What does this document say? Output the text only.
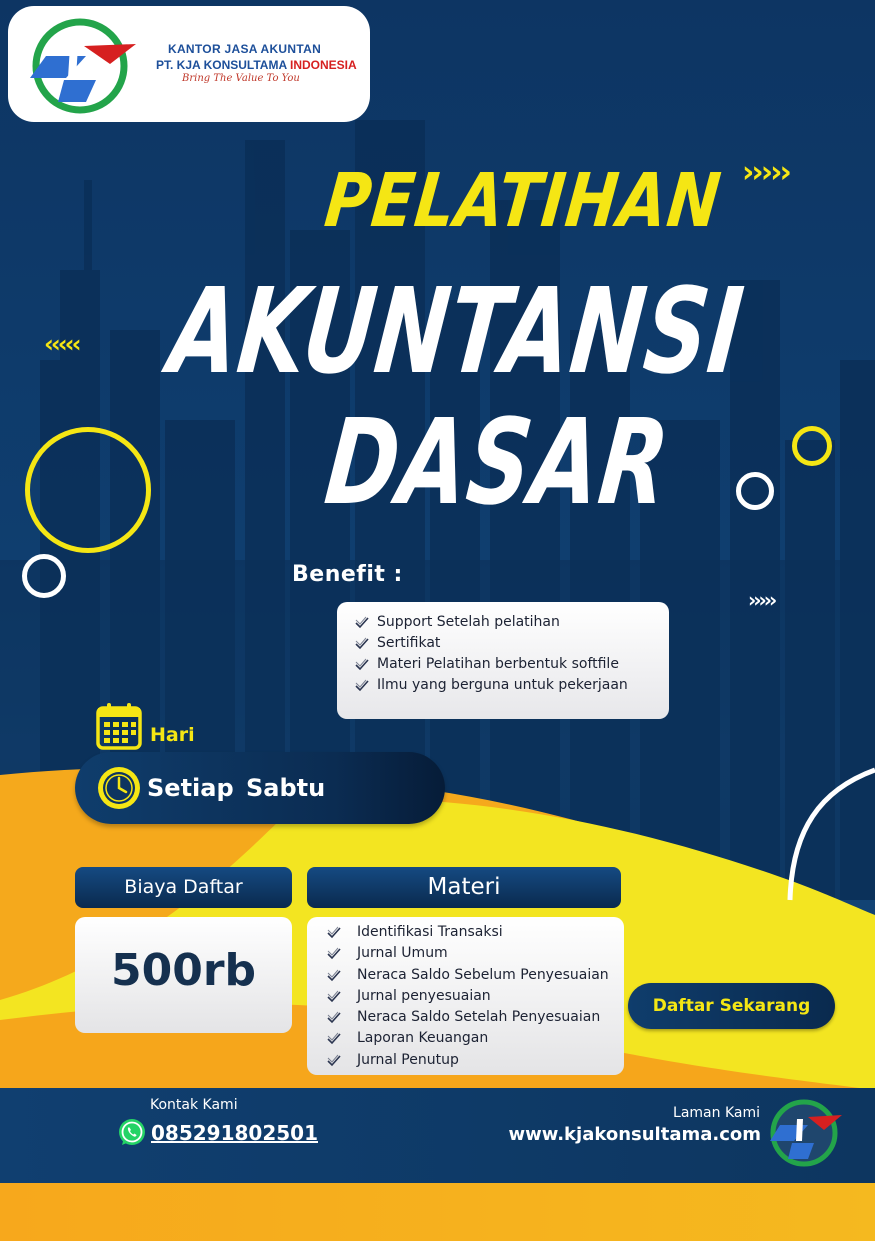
KANTOR JASA AKUNTAN
PT. KJA KONSULTAMA INDONESIA
Bring The Value To You
›››››
‹‹‹‹‹
›››››
PELATIHAN
AKUNTANSI
DASAR
Benefit :
Support Setelah pelatihan
Sertifikat
Materi Pelatihan berbentuk softfile
Ilmu yang berguna untuk pekerjaan
Hari
Setiap Sabtu
Biaya Daftar
500rb
Materi
Identifikasi Transaksi
Jurnal Umum
Neraca Saldo Sebelum Penyesuaian
Jurnal penyesuaian
Neraca Saldo Setelah Penyesuaian
Laporan Keuangan
Jurnal Penutup
Daftar Sekarang
Kontak Kami
085291802501
Laman Kami
www.kjakonsultama.com
